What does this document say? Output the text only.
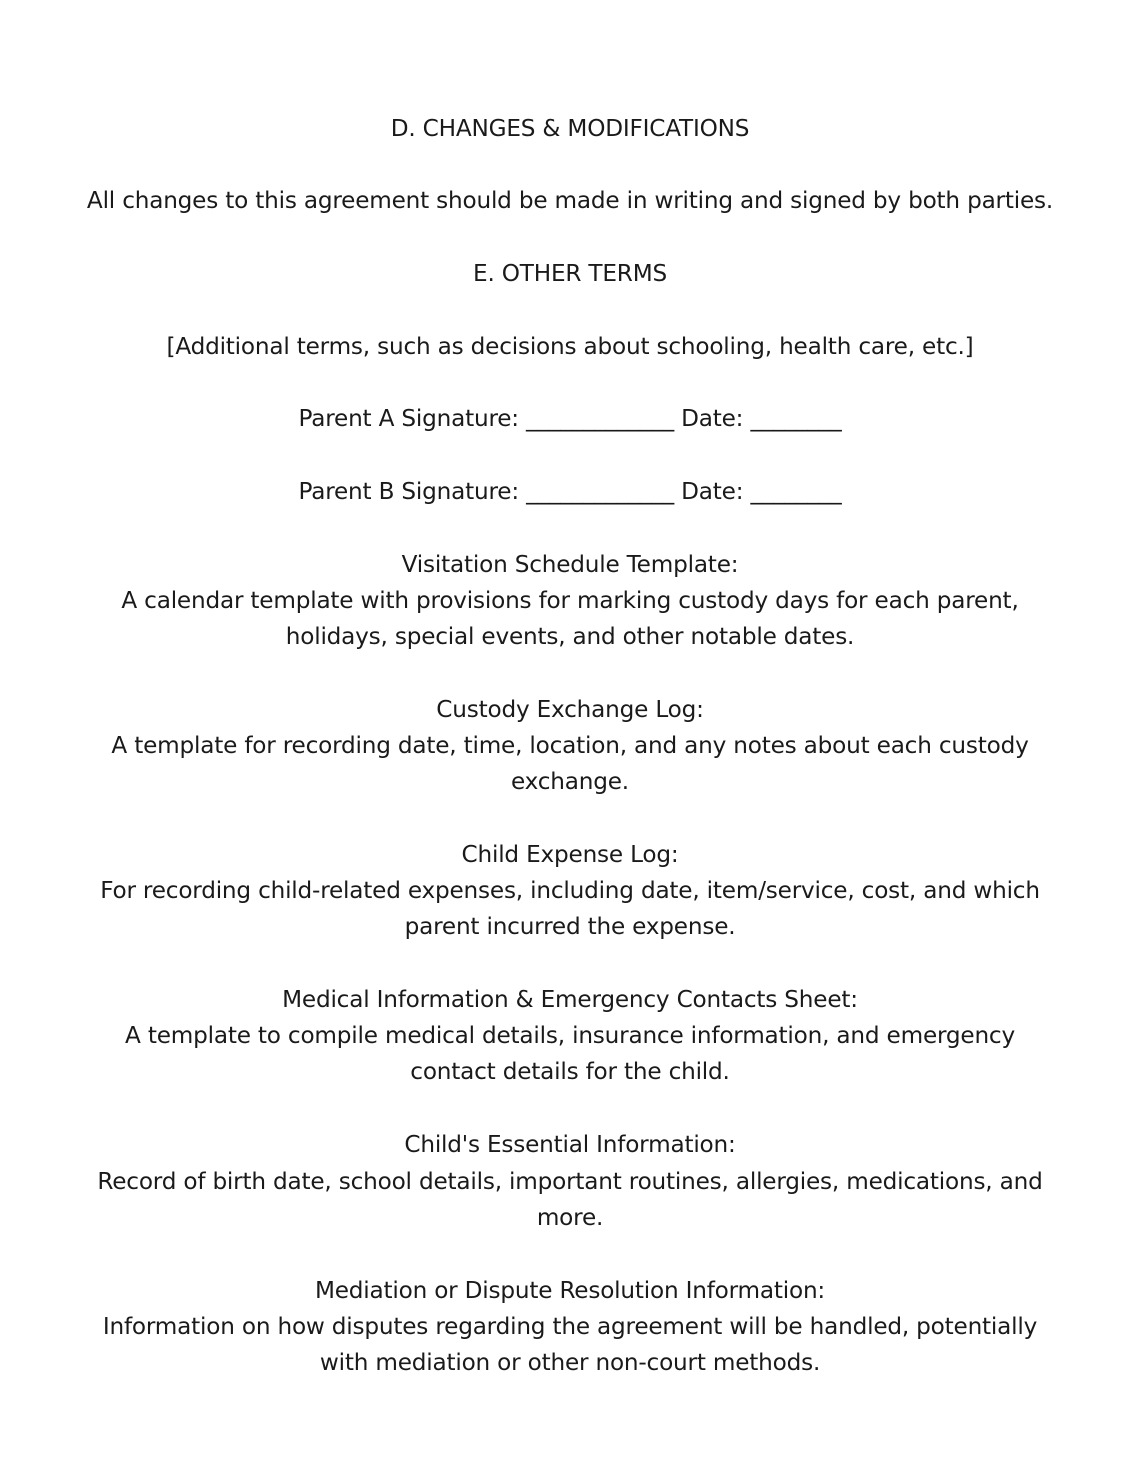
D. CHANGES & MODIFICATIONS
All changes to this agreement should be made in writing and signed by both parties.
E. OTHER TERMS
[Additional terms, such as decisions about schooling, health care, etc.]
Parent A Signature: _____________ Date: ________
Parent B Signature: _____________ Date: ________
Visitation Schedule Template:
A calendar template with provisions for marking custody days for each parent,
holidays, special events, and other notable dates.
Custody Exchange Log:
A template for recording date, time, location, and any notes about each custody
exchange.
Child Expense Log:
For recording child-related expenses, including date, item/service, cost, and which
parent incurred the expense.
Medical Information & Emergency Contacts Sheet:
A template to compile medical details, insurance information, and emergency
contact details for the child.
Child's Essential Information:
Record of birth date, school details, important routines, allergies, medications, and
more.
Mediation or Dispute Resolution Information:
Information on how disputes regarding the agreement will be handled, potentially
with mediation or other non-court methods.
